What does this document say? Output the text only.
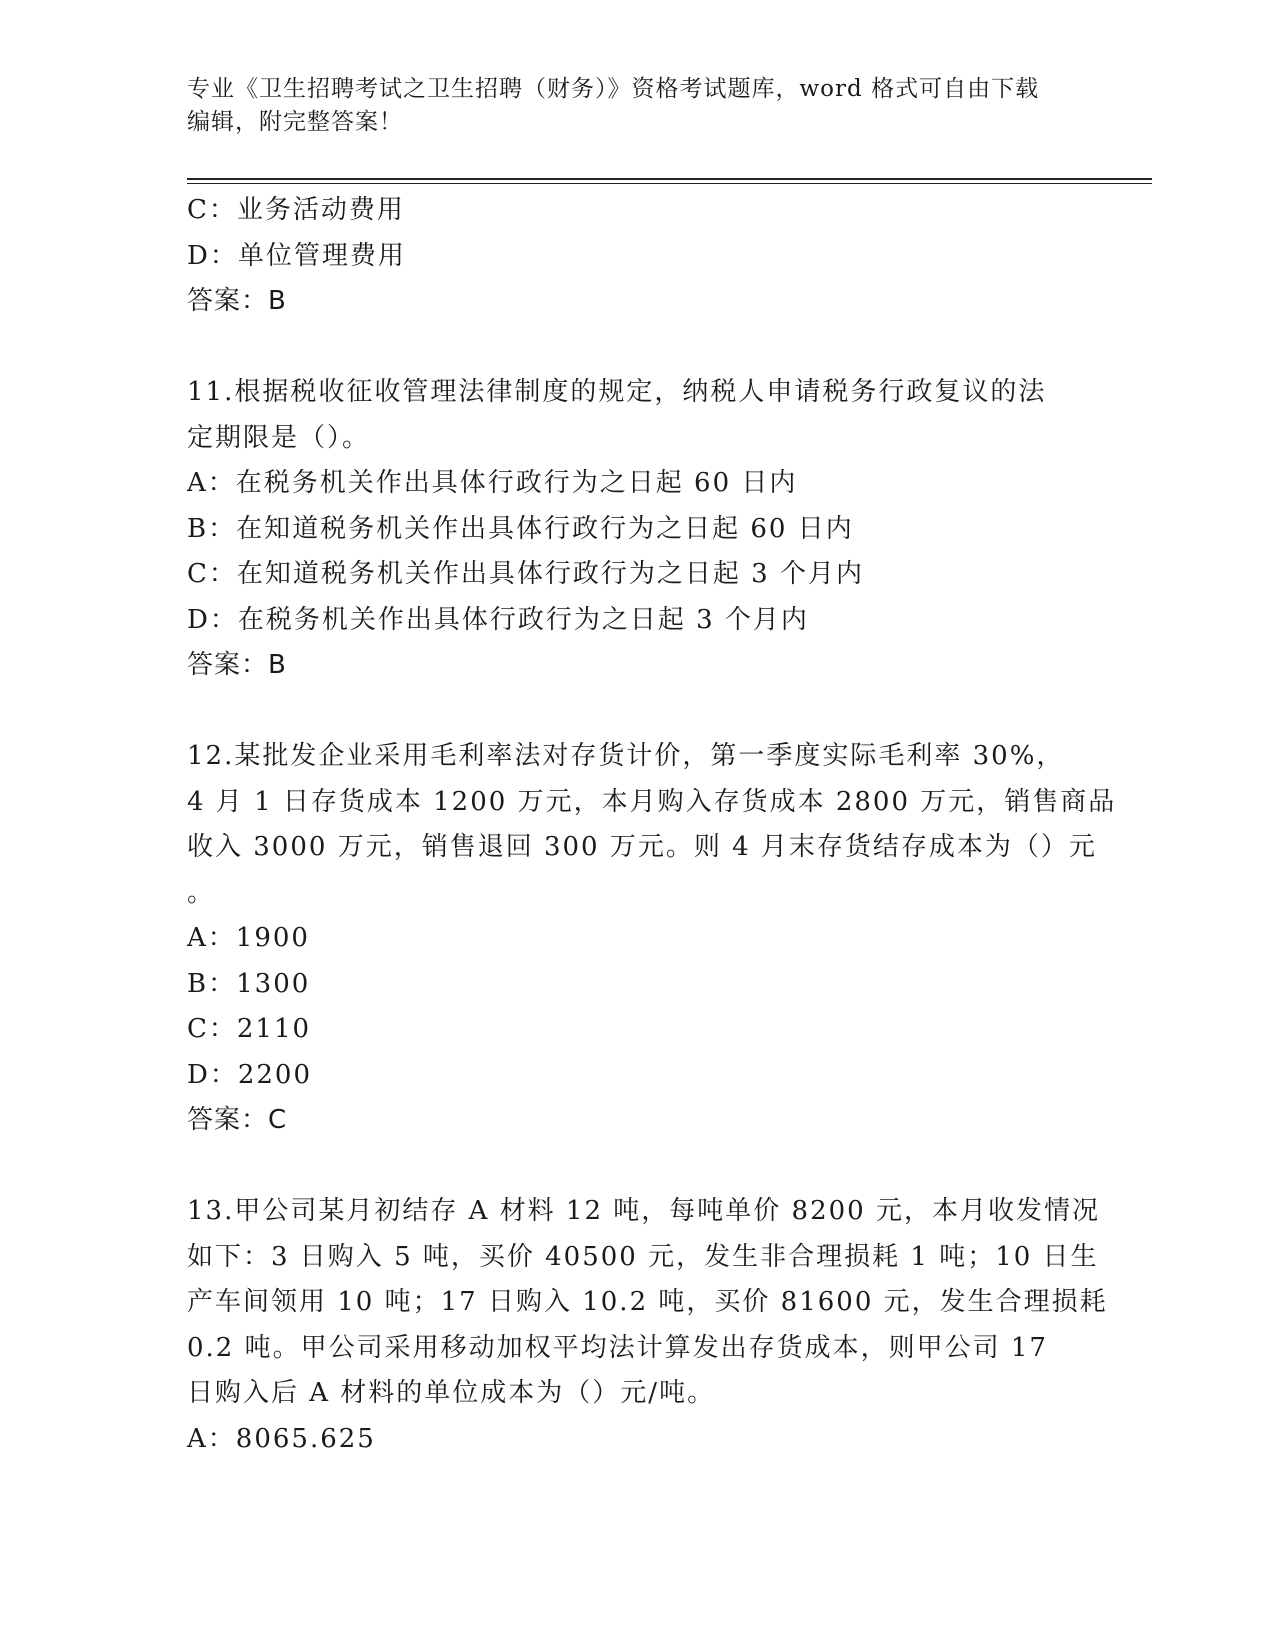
专业《卫生招聘考试之卫生招聘（财务）》资格考试题库，word 格式可自由下载
编辑，附完整答案！
C：业务活动费用
D：单位管理费用
答案：B
11.根据税收征收管理法律制度的规定，纳税人申请税务行政复议的法
定期限是（）。
A：在税务机关作出具体行政行为之日起 60 日内
B：在知道税务机关作出具体行政行为之日起 60 日内
C：在知道税务机关作出具体行政行为之日起 3 个月内
D：在税务机关作出具体行政行为之日起 3 个月内
答案：B
12.某批发企业采用毛利率法对存货计价，第一季度实际毛利率 30%，
4 月 1 日存货成本 1200 万元，本月购入存货成本 2800 万元，销售商品
收入 3000 万元，销售退回 300 万元。则 4 月末存货结存成本为（）元
。
A：1900
B：1300
C：2110
D：2200
答案：C
13.甲公司某月初结存 A 材料 12 吨，每吨单价 8200 元，本月收发情况
如下：3 日购入 5 吨，买价 40500 元，发生非合理损耗 1 吨；10 日生
产车间领用 10 吨；17 日购入 10.2 吨，买价 81600 元，发生合理损耗
0.2 吨。甲公司采用移动加权平均法计算发出存货成本，则甲公司 17
日购入后 A 材料的单位成本为（）元/吨。
A：8065.625
